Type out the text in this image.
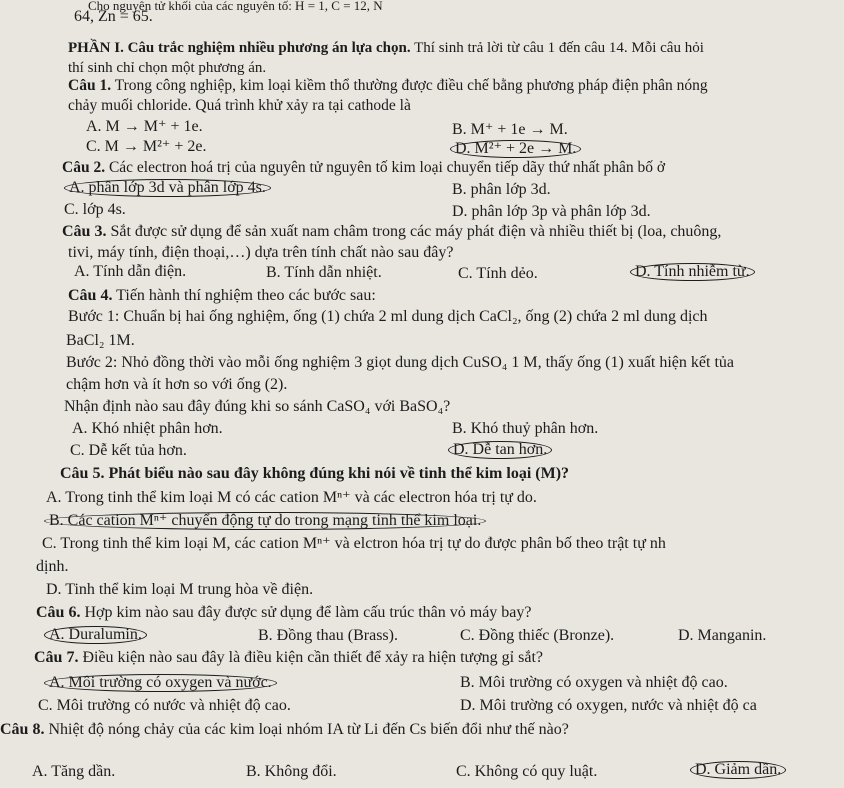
Cho nguyên tử khối của các nguyên tố: H = 1, C = 12, N
64, Zn = 65.
PHẦN I. Câu trắc nghiệm nhiều phương án lựa chọn. Thí sinh trả lời từ câu 1 đến câu 14. Mỗi câu hỏi
thí sinh chỉ chọn một phương án.
Câu 1. Trong công nghiệp, kim loại kiềm thổ thường được điều chế bằng phương pháp điện phân nóng
chảy muối chloride. Quá trình khử xảy ra tại cathode là
A. M → M⁺ + 1e.	B. M⁺ + 1e → M.
C. M → M²⁺ + 2e.	D. M²⁺ + 2e → M.
Câu 2. Các electron hoá trị của nguyên tử nguyên tố kim loại chuyển tiếp dãy thứ nhất phân bố ở
A. phân lớp 3d và phân lớp 4s.	B. phân lớp 3d.
C. lớp 4s.	D. phân lớp 3p và phân lớp 3d.
Câu 3. Sắt được sử dụng để sản xuất nam châm trong các máy phát điện và nhiều thiết bị (loa, chuông,
tivi, máy tính, điện thoại,…) dựa trên tính chất nào sau đây?
A. Tính dẫn điện.	B. Tính dẫn nhiệt.	C. Tính dẻo.	D. Tính nhiễm từ.
Câu 4. Tiến hành thí nghiệm theo các bước sau:
Bước 1: Chuẩn bị hai ống nghiệm, ống (1) chứa 2 ml dung dịch CaCl₂, ống (2) chứa 2 ml dung dịch
BaCl₂ 1M.
Bước 2: Nhỏ đồng thời vào mỗi ống nghiệm 3 giọt dung dịch CuSO₄ 1 M, thấy ống (1) xuất hiện kết tủa
chậm hơn và ít hơn so với ống (2).
Nhận định nào sau đây đúng khi so sánh CaSO₄ với BaSO₄?
A. Khó nhiệt phân hơn.	B. Khó thuỷ phân hơn.
C. Dễ kết tủa hơn.	D. Dễ tan hơn.
Câu 5. Phát biểu nào sau đây không đúng khi nói về tinh thể kim loại (M)?
A. Trong tinh thể kim loại M có các cation Mⁿ⁺ và các electron hóa trị tự do.
B. Các cation Mⁿ⁺ chuyển động tự do trong mạng tinh thể kim loại.
C. Trong tinh thể kim loại M, các cation Mⁿ⁺ và elctron hóa trị tự do được phân bố theo trật tự nh
dịnh.
D. Tinh thể kim loại M trung hòa về điện.
Câu 6. Hợp kim nào sau đây được sử dụng để làm cấu trúc thân vỏ máy bay?
A. Duralumin.	B. Đồng thau (Brass).	C. Đồng thiếc (Bronze).	D. Manganin.
Câu 7. Điều kiện nào sau đây là điều kiện cần thiết để xảy ra hiện tượng gỉ sắt?
A. Môi trường có oxygen và nước.	B. Môi trường có oxygen và nhiệt độ cao.
C. Môi trường có nước và nhiệt độ cao.	D. Môi trường có oxygen, nước và nhiệt độ ca
Câu 8. Nhiệt độ nóng chảy của các kim loại nhóm IA từ Li đến Cs biến đổi như thế nào?
A. Tăng dần.	B. Không đổi.	C. Không có quy luật.	D. Giảm dần.
